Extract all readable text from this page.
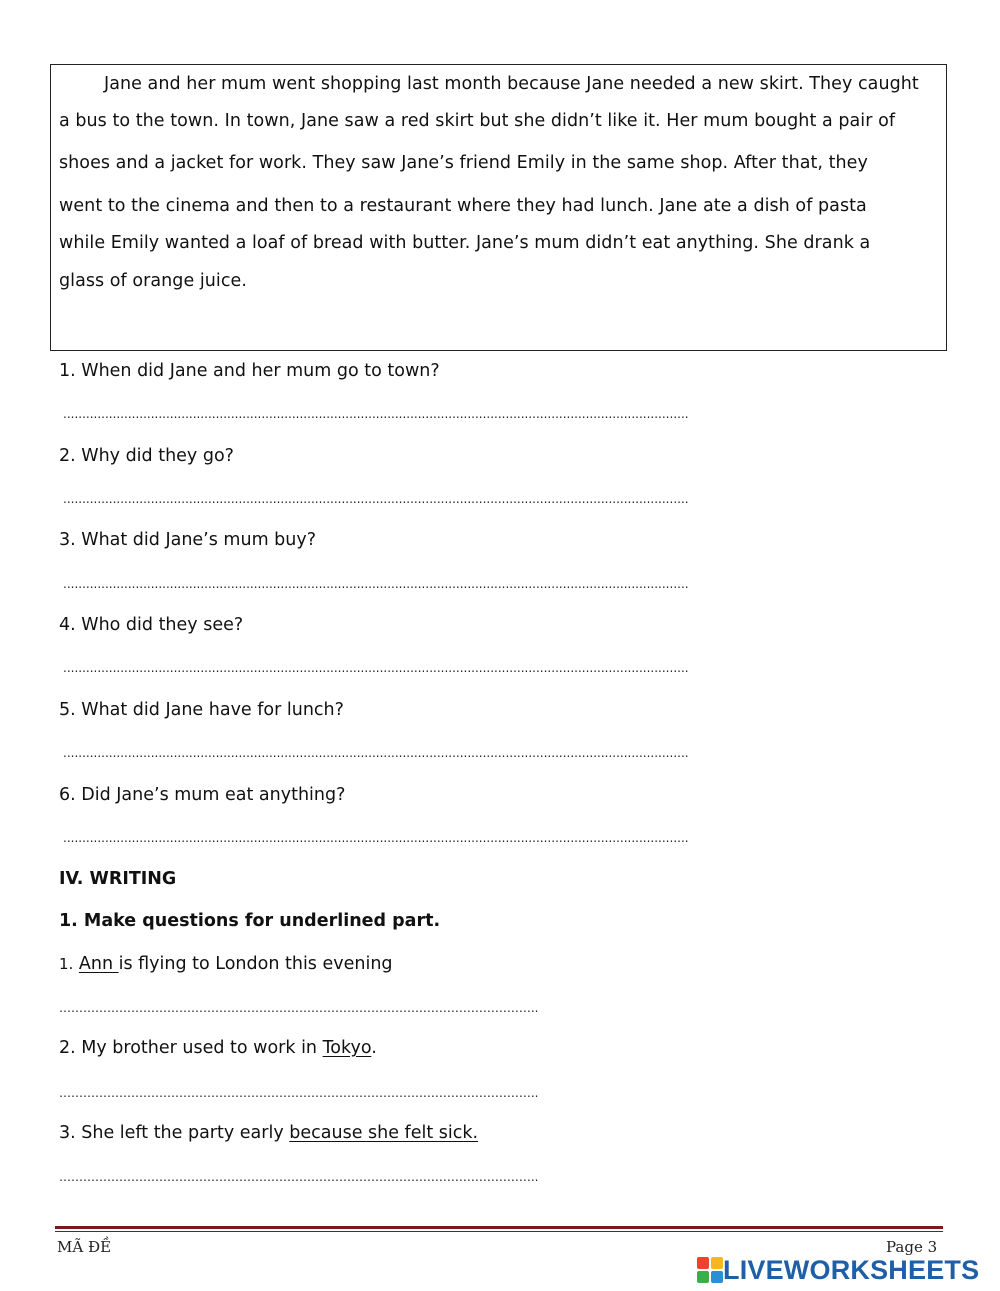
Jane and her mum went shopping last month because Jane needed a new skirt. They caught
a bus to the town. In town, Jane saw a red skirt but she didn’t like it. Her mum bought a pair of
shoes and a jacket for work. They saw Jane’s friend Emily in the same shop. After that, they
went to the cinema and then to a restaurant where they had lunch. Jane ate a dish of pasta
while Emily wanted a loaf of bread with butter. Jane’s mum didn’t eat anything. She drank a
glass of orange juice.
1. When did Jane and her mum go to town?
....................................................................................................................................................................
2. Why did they go?
....................................................................................................................................................................
3. What did Jane’s mum buy?
....................................................................................................................................................................
4. Who did they see?
....................................................................................................................................................................
5. What did Jane have for lunch?
....................................................................................................................................................................
6. Did Jane’s mum eat anything?
....................................................................................................................................................................
IV. WRITING
1. Make questions for underlined part.
1. Ann is flying to London this evening
……………………………………………………………………………….………………………..
2. My brother used to work in Tokyo.
……………………………………………………………………………….………………………..
3. She left the party early because she felt sick.
……………………………………………………………………………….………………………..
MÃ ĐỀ	Page 3
LIVEWORKSHEETS
